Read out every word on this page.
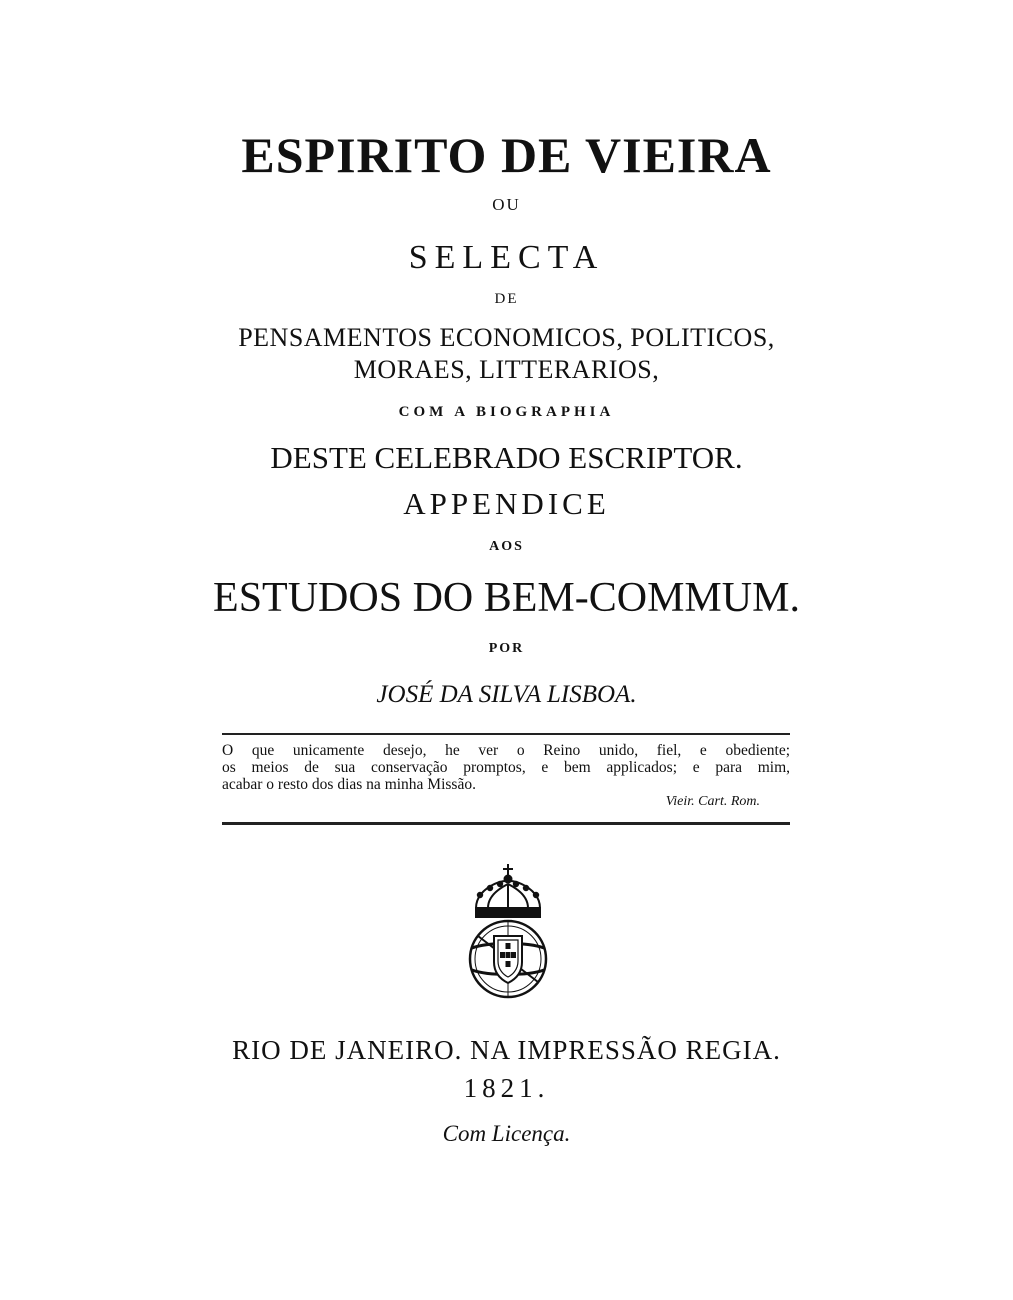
ESPIRITO DE VIEIRA
OU
SELECTA
DE
PENSAMENTOS ECONOMICOS, POLITICOS,
MORAES, LITTERARIOS,
COM A BIOGRAPHIA
DESTE CELEBRADO ESCRIPTOR.
APPENDICE
AOS
ESTUDOS DO BEM-COMMUM.
POR
JOSÉ DA SILVA LISBOA.
O que unicamente desejo, he ver o Reino unido, fiel, e obediente;
os meios de sua conservação promptos, e bem applicados; e para mim,
acabar o resto dos dias na minha Missão.
Vieir. Cart. Rom.
RIO DE JANEIRO. NA IMPRESSÃO REGIA.
1821.
Com Licença.
